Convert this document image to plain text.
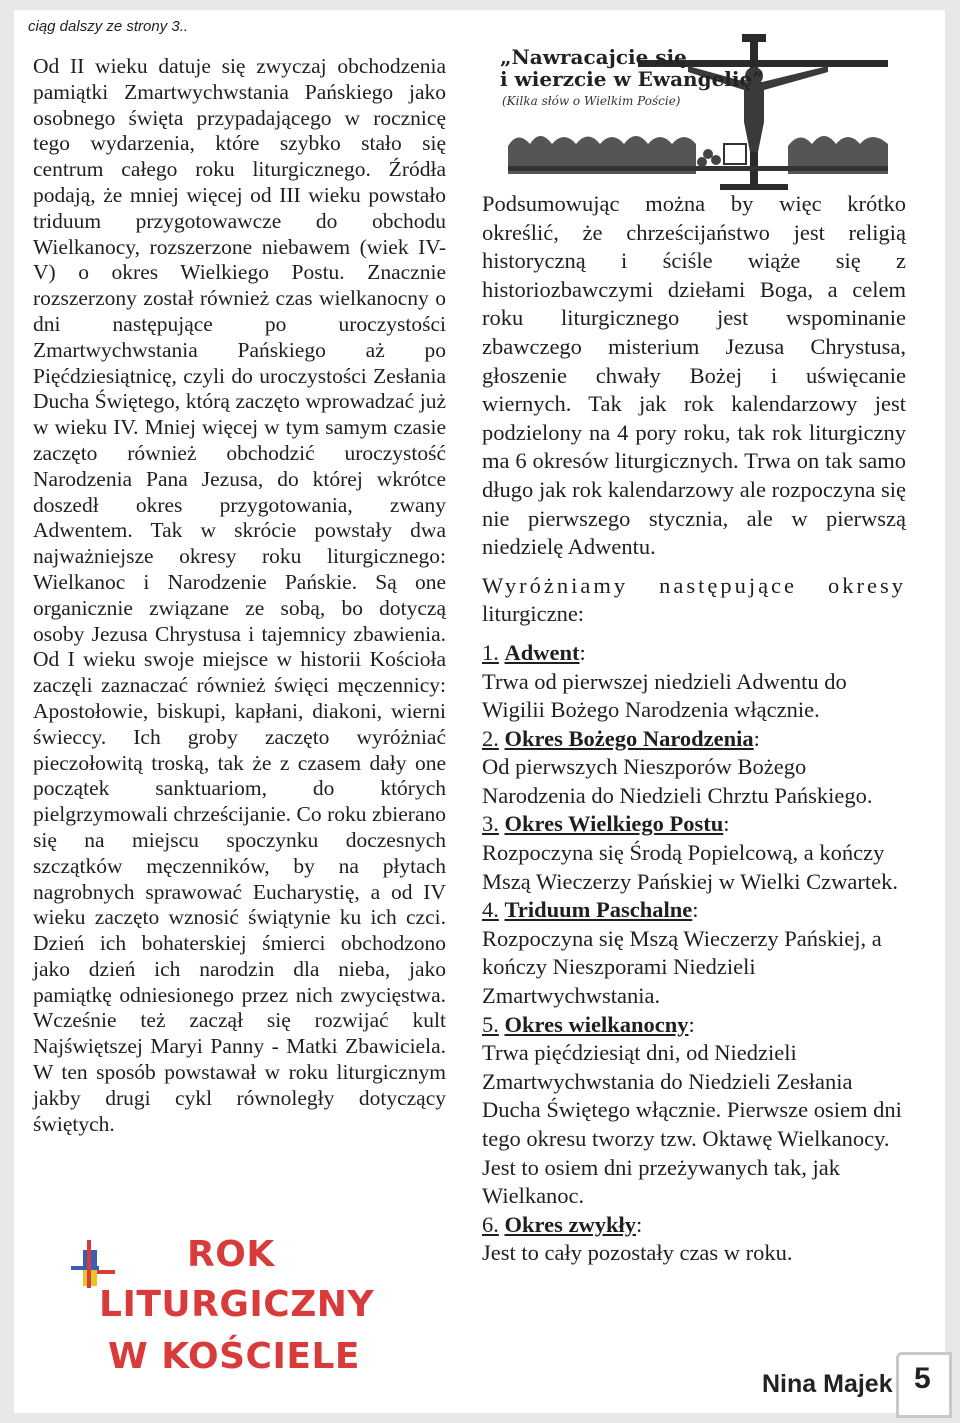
ciąg dalszy ze strony 3..

Od II wieku datuje się zwyczaj obchodzenia pamiątki Zmartwychwstania Pańskiego jako osobnego święta przypadającego w rocznicę tego wydarzenia, które szybko stało się centrum całego roku liturgicznego. Źródła podają, że mniej więcej od III wieku powstało triduum przygotowawcze do obchodu Wielkanocy, rozszerzone niebawem (wiek IV-V) o okres Wielkiego Postu. Znacznie rozszerzony został również czas wielkanocny o dni następujące po uroczystości Zmartwychwstania Pańskiego aż po Pięćdziesiątnicę, czyli do uroczystości Zesłania Ducha Świętego, którą zaczęto wprowadzać już w wieku IV. Mniej więcej w tym samym czasie zaczęto również obchodzić uroczystość Narodzenia Pana Jezusa, do której wkrótce doszedł okres przygotowania, zwany Adwentem. Tak w skrócie powstały dwa najważniejsze okresy roku liturgicznego: Wielkanoc i Narodzenie Pańskie. Są one organicznie związane ze sobą, bo dotyczą osoby Jezusa Chrystusa i tajemnicy zbawienia. Od I wieku swoje miejsce w historii Kościoła zaczęli zaznaczać również święci męczennicy: Apostołowie, biskupi, kapłani, diakoni, wierni świeccy. Ich groby zaczęto wyróżniać pieczołowitą troską, tak że z czasem dały one początek sanktuariom, do których pielgrzymowali chrześcijanie. Co roku zbierano się na miejscu spoczynku doczesnych szczątków męczenników, by na płytach nagrobnych sprawować Eucharystię, a od IV wieku zaczęto wznosić świątynie ku ich czci. Dzień ich bohaterskiej śmierci obchodzono jako dzień ich narodzin dla nieba, jako pamiątkę odniesionego przez nich zwycięstwa. Wcześnie też zaczął się rozwijać kult Najświętszej Maryi Panny - Matki Zbawiciela. W ten sposób powstawał w roku liturgicznym jakby drugi cykl równoległy dotyczący świętych.

„Nawracajcie się
i wierzcie w Ewangelię”
(Kilka słów o Wielkim Poście)

Podsumowując można by więc krótko określić, że chrześcijaństwo jest religią historyczną i ściśle wiąże się z historiozbawczymi dziełami Boga, a celem roku liturgicznego jest wspominanie zbawczego misterium Jezusa Chrystusa, głoszenie chwały Bożej i uświęcanie wiernych. Tak jak rok kalendarzowy jest podzielony na 4 pory roku, tak rok liturgiczny ma 6 okresów liturgicznych. Trwa on tak samo długo jak rok kalendarzowy ale rozpoczyna się nie pierwszego stycznia, ale w pierwszą niedzielę Adwentu.

Wyróżniamy następujące okresy liturgiczne:

1. Adwent:
Trwa od pierwszej niedzieli Adwentu do Wigilii Bożego Narodzenia włącznie.
2. Okres Bożego Narodzenia:
Od pierwszych Nieszporów Bożego Narodzenia do Niedzieli Chrztu Pańskiego.
3. Okres Wielkiego Postu:
Rozpoczyna się Środą Popielcową, a kończy Mszą Wieczerzy Pańskiej w Wielki Czwartek.
4. Triduum Paschalne:
Rozpoczyna się Mszą Wieczerzy Pańskiej, a kończy Nieszporami Niedzieli Zmartwychwstania.
5. Okres wielkanocny:
Trwa pięćdziesiąt dni, od Niedzieli Zmartwychwstania do Niedzieli Zesłania Ducha Świętego włącznie. Pierwsze osiem dni tego okresu tworzy tzw. Oktawę Wielkanocy. Jest to osiem dni przeżywanych tak, jak Wielkanoc.
6. Okres zwykły:
Jest to cały pozostały czas w roku.
ROK
LITURGICZNY
W KOŚCIELE
Nina Majek 5
